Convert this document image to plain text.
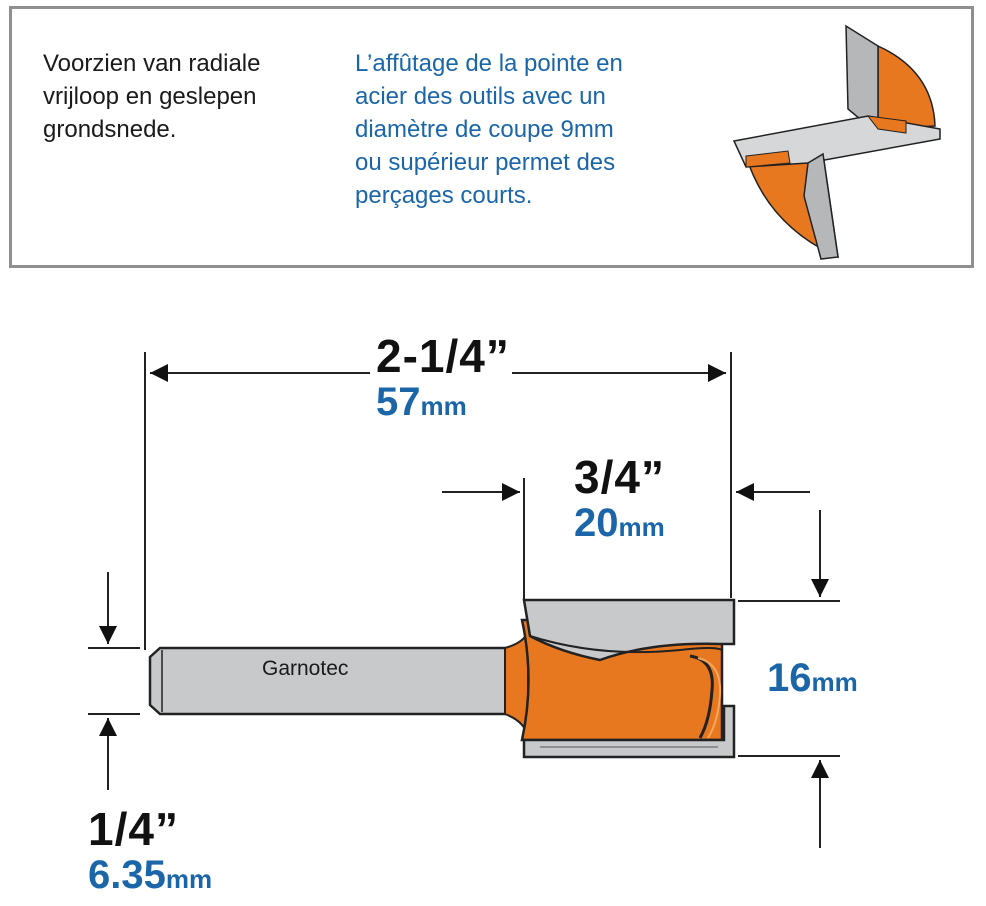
Voorzien van radiale
vrijloop en geslepen
grondsnede.
L’affûtage de la pointe en
acier des outils avec un
diamètre de coupe 9mm
ou supérieur permet des
perçages courts.
Garnotec
2-1/4”
57mm
3/4”
20mm
16mm
1/4”
6.35mm
